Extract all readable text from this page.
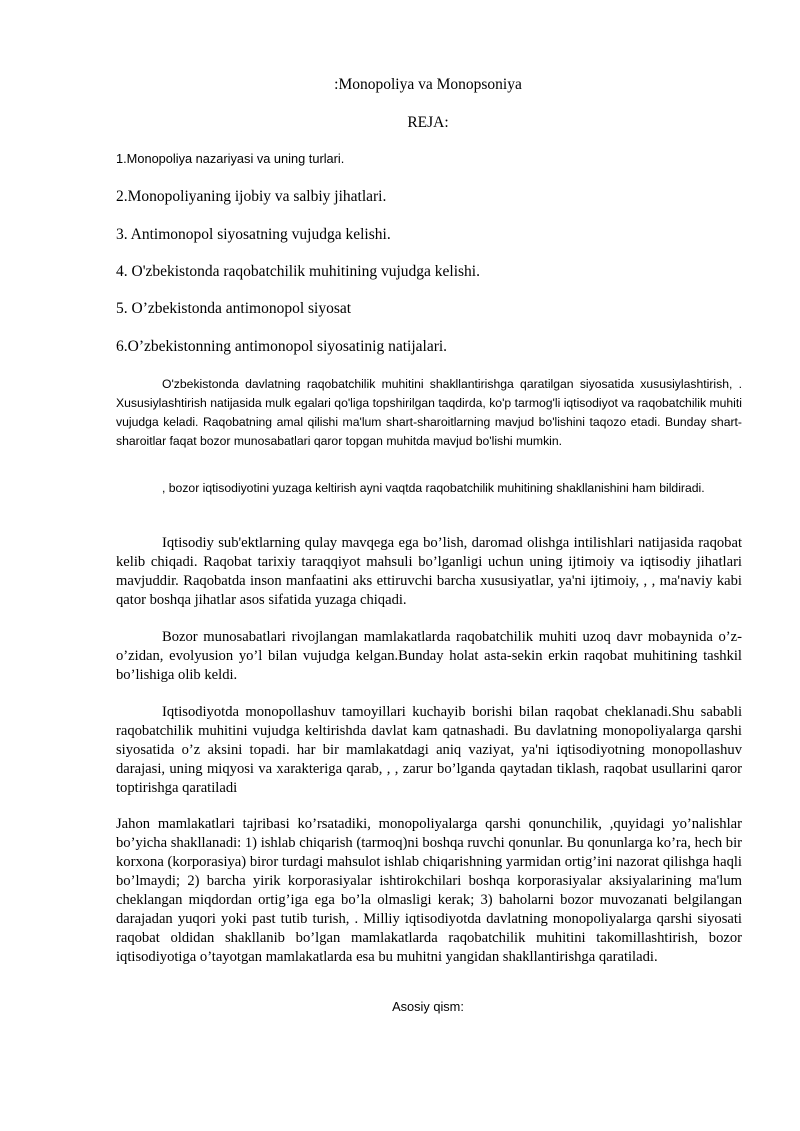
:Monopoliya va Monopsoniya
REJA:

1.Monopoliya nazariyasi va uning turlari.

2.Monopoliyaning ijobiy va salbiy jihatlari.

3. Antimonopol siyosatning vujudga kelishi.

4. O'zbekistonda raqobatchilik muhitining vujudga kelishi.

5. O’zbekistonda antimonopol siyosat

6.O’zbekistonning antimonopol siyosatinig natijalari.

O'zbekistonda davlatning raqobatchilik muhitini shakllantirishga qaratilgan siyosatida xususiylashtirish, . Xususiylashtirish natijasida mulk egalari qo'liga topshirilgan taqdirda, ko'p tarmog'li iqtisodiyot va raqobatchilik muhiti vujudga keladi. Raqobatning amal qilishi ma'lum shart-sharoitlarning mavjud bo'lishini taqozo etadi. Bunday shart-sharoitlar faqat bozor munosabatlari qaror topgan muhitda mavjud bo'lishi mumkin.

, bozor iqtisodiyotini yuzaga keltirish ayni vaqtda raqobatchilik muhitining shakllanishini ham bildiradi.

Iqtisodiy sub'ektlarning qulay mavqega ega bo’lish, daromad olishga intilishlari natijasida raqobat kelib chiqadi. Raqobat tarixiy taraqqiyot mahsuli bo’lganligi uchun uning ijtimoiy va iqtisodiy jihatlari mavjuddir. Raqobatda inson manfaatini aks ettiruvchi barcha xususiyatlar, ya'ni ijtimoiy, , , ma'naviy kabi qator boshqa jihatlar asos sifatida yuzaga chiqadi.

Bozor munosabatlari rivojlangan mamlakatlarda raqobatchilik muhiti uzoq davr mobaynida o’z-o’zidan, evolyusion yo’l bilan vujudga kelgan.Bunday holat asta-sekin erkin raqobat muhitining tashkil bo’lishiga olib keldi.

Iqtisodiyotda monopollashuv tamoyillari kuchayib borishi bilan raqobat cheklanadi.Shu sababli raqobatchilik muhitini vujudga keltirishda davlat kam qatnashadi. Bu davlatning monopoliyalarga qarshi siyosatida o’z aksini topadi. har bir mamlakatdagi aniq vaziyat, ya'ni iqtisodiyotning monopollashuv darajasi, uning miqyosi va xarakteriga qarab, , , zarur bo’lganda qaytadan tiklash, raqobat usullarini qaror toptirishga qaratiladi

Jahon mamlakatlari tajribasi ko’rsatadiki, monopoliyalarga qarshi qonunchilik, ,quyidagi yo’nalishlar bo’yicha shakllanadi: 1) ishlab chiqarish (tarmoq)ni boshqa ruvchi qonunlar. Bu qonunlarga ko’ra, hech bir korxona (korporasiya) biror turdagi mahsulot ishlab chiqarishning yarmidan ortig’ini nazorat qilishga haqli bo’lmaydi; 2) barcha yirik korporasiyalar ishtirokchilari boshqa korporasiyalar aksiyalarining ma'lum cheklangan miqdordan ortig’iga ega bo’la olmasligi kerak; 3) baholarni bozor muvozanati belgilangan darajadan yuqori yoki past tutib turish, . Milliy iqtisodiyotda davlatning monopoliyalarga qarshi siyosati raqobat oldidan shakllanib bo’lgan mamlakatlarda raqobatchilik muhitini takomillashtirish, bozor iqtisodiyotiga o’tayotgan mamlakatlarda esa bu muhitni yangidan shakllantirishga qaratiladi.

Asosiy qism:
